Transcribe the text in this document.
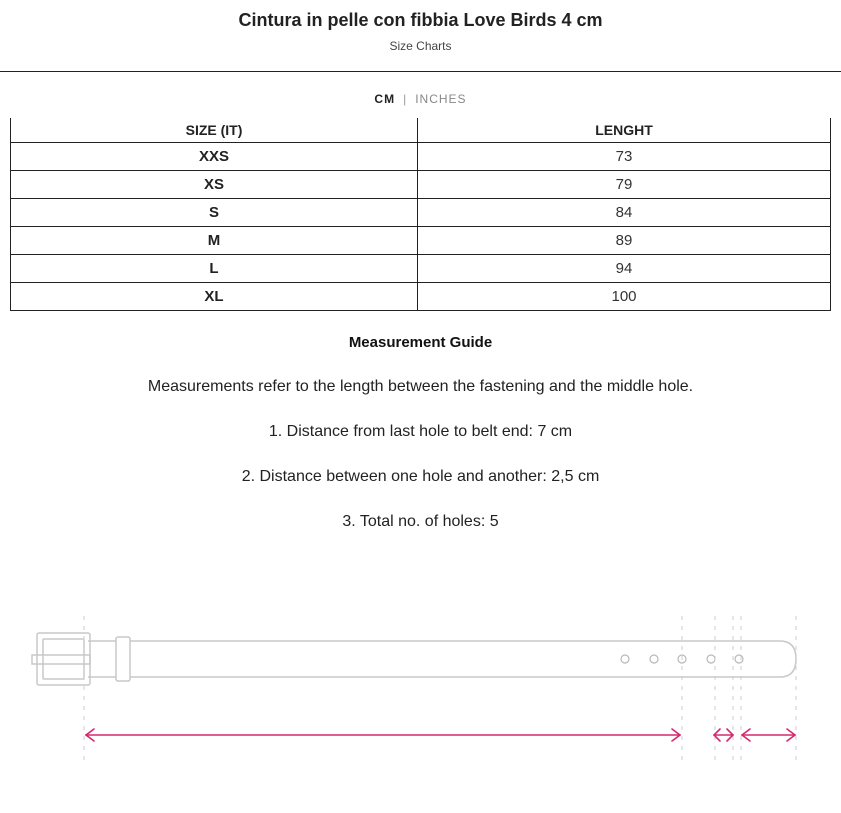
Cintura in pelle con fibbia Love Birds 4 cm
Size Charts
CM | INCHES
SIZE (IT)	LENGHT
XXS	73
XS	79
S	84
M	89
L	94
XL	100
Measurement Guide
Measurements refer to the length between the fastening and the middle hole.
1. Distance from last hole to belt end: 7 cm
2. Distance between one hole and another: 2,5 cm
3. Total no. of holes: 5
